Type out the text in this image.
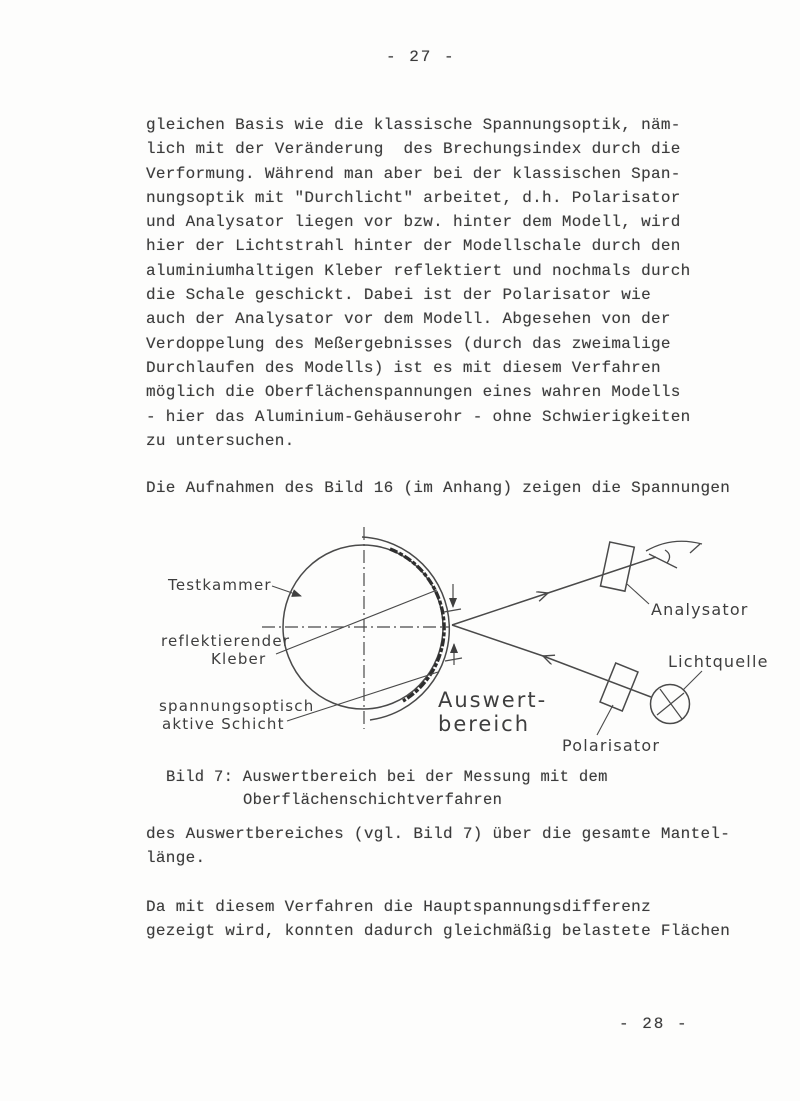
- 27 -
gleichen Basis wie die klassische Spannungsoptik, näm-
lich mit der Veränderung  des Brechungsindex durch die
Verformung. Während man aber bei der klassischen Span-
nungsoptik mit "Durchlicht" arbeitet, d.h. Polarisator
und Analysator liegen vor bzw. hinter dem Modell, wird
hier der Lichtstrahl hinter der Modellschale durch den
aluminiumhaltigen Kleber reflektiert und nochmals durch
die Schale geschickt. Dabei ist der Polarisator wie
auch der Analysator vor dem Modell. Abgesehen von der
Verdoppelung des Meßergebnisses (durch das zweimalige
Durchlaufen des Modells) ist es mit diesem Verfahren
möglich die Oberflächenspannungen eines wahren Modells
- hier das Aluminium-Gehäuserohr - ohne Schwierigkeiten
zu untersuchen.
Die Aufnahmen des Bild 16 (im Anhang) zeigen die Spannungen
Testkammer
reflektierender
Kleber
spannungsoptisch
aktive Schicht
Auswert-
bereich
Analysator
Lichtquelle
Polarisator
Bild 7: Auswertbereich bei der Messung mit dem
Oberflächenschichtverfahren
des Auswertbereiches (vgl. Bild 7) über die gesamte Mantel-
länge.
Da mit diesem Verfahren die Hauptspannungsdifferenz
gezeigt wird, konnten dadurch gleichmäßig belastete Flächen
- 28 -
